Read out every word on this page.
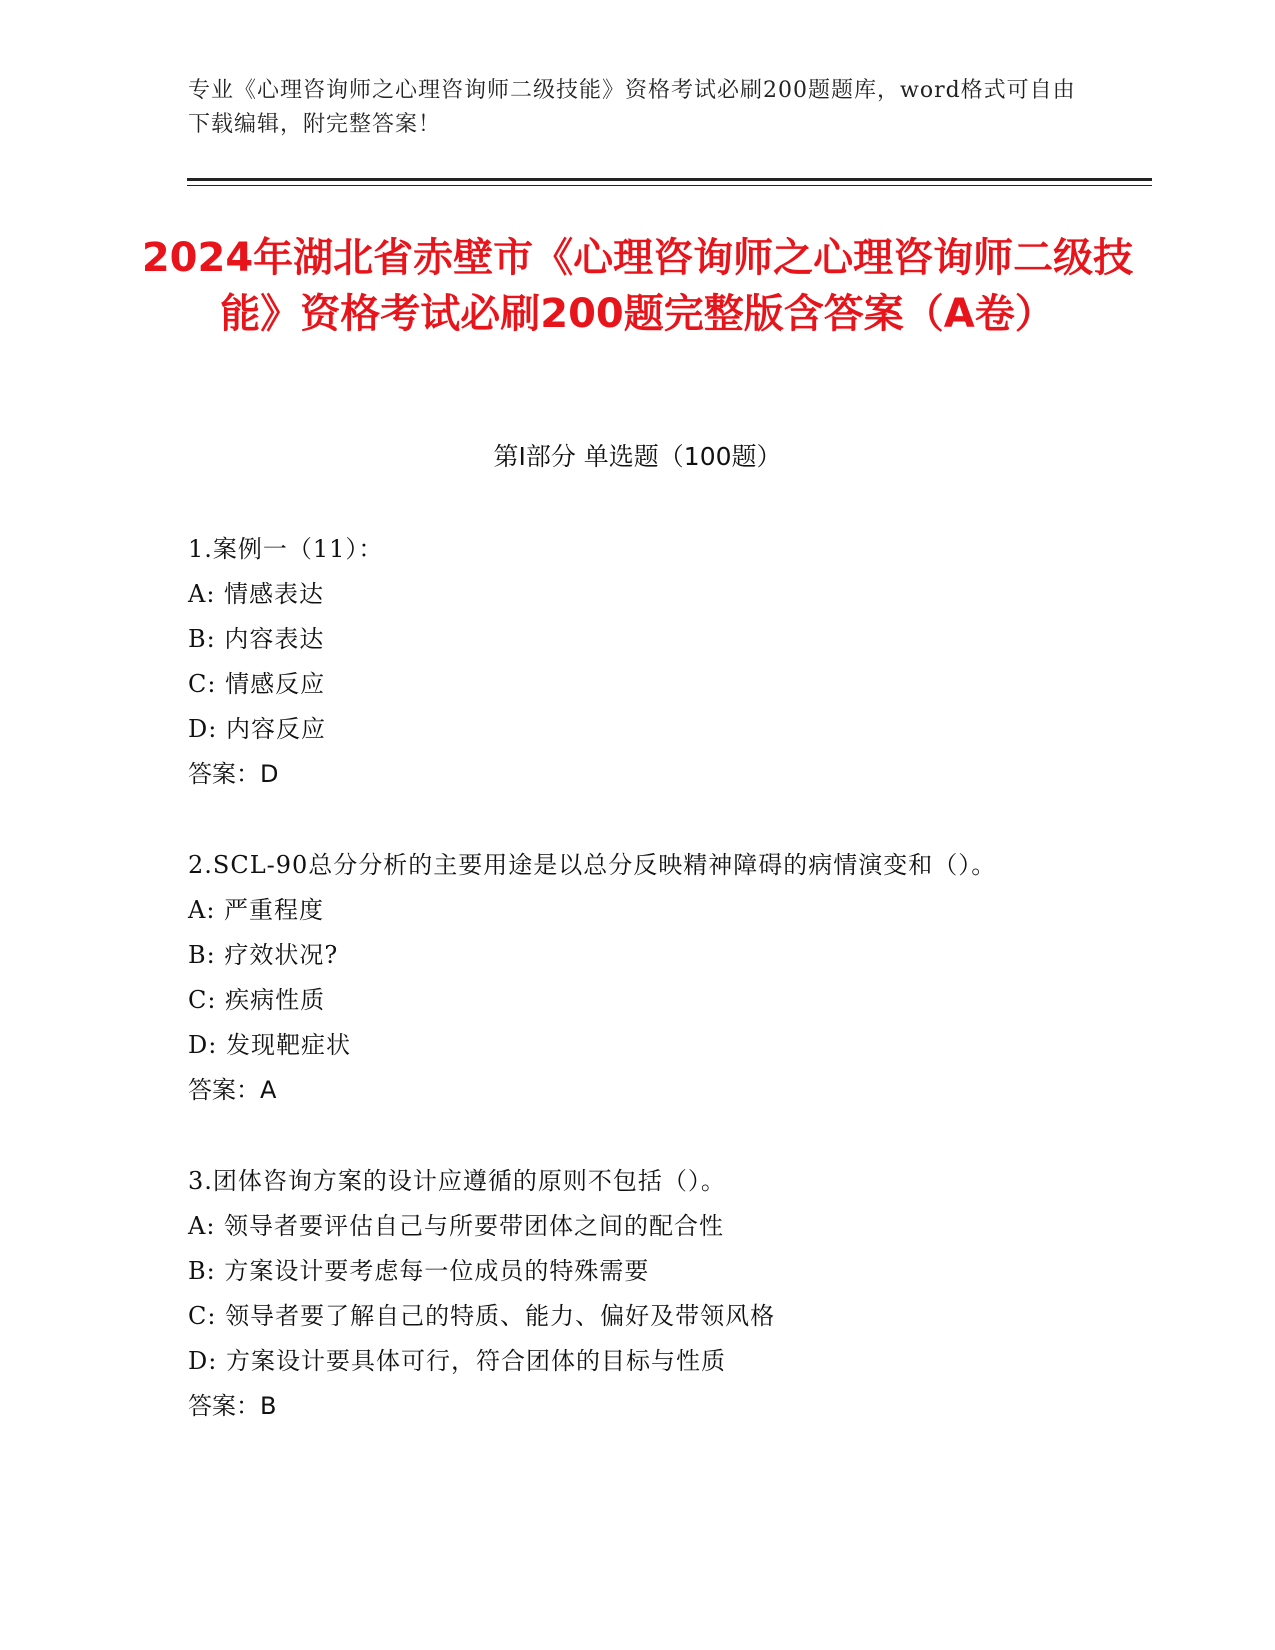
专业《心理咨询师之心理咨询师二级技能》资格考试必刷200题题库，word格式可自由下载编辑，附完整答案！
2024年湖北省赤壁市《心理咨询师之心理咨询师二级技能》资格考试必刷200题完整版含答案（A卷）
第I部分 单选题（100题）
1.案例一（11）：
A: 情感表达
B: 内容表达
C: 情感反应
D: 内容反应
答案：D
2.SCL-90总分分析的主要用途是以总分反映精神障碍的病情演变和（）。
A: 严重程度
B: 疗效状况?
C: 疾病性质
D: 发现靶症状
答案：A
3.团体咨询方案的设计应遵循的原则不包括（）。
A: 领导者要评估自己与所要带团体之间的配合性
B: 方案设计要考虑每一位成员的特殊需要
C: 领导者要了解自己的特质、能力、偏好及带领风格
D: 方案设计要具体可行，符合团体的目标与性质
答案：B
